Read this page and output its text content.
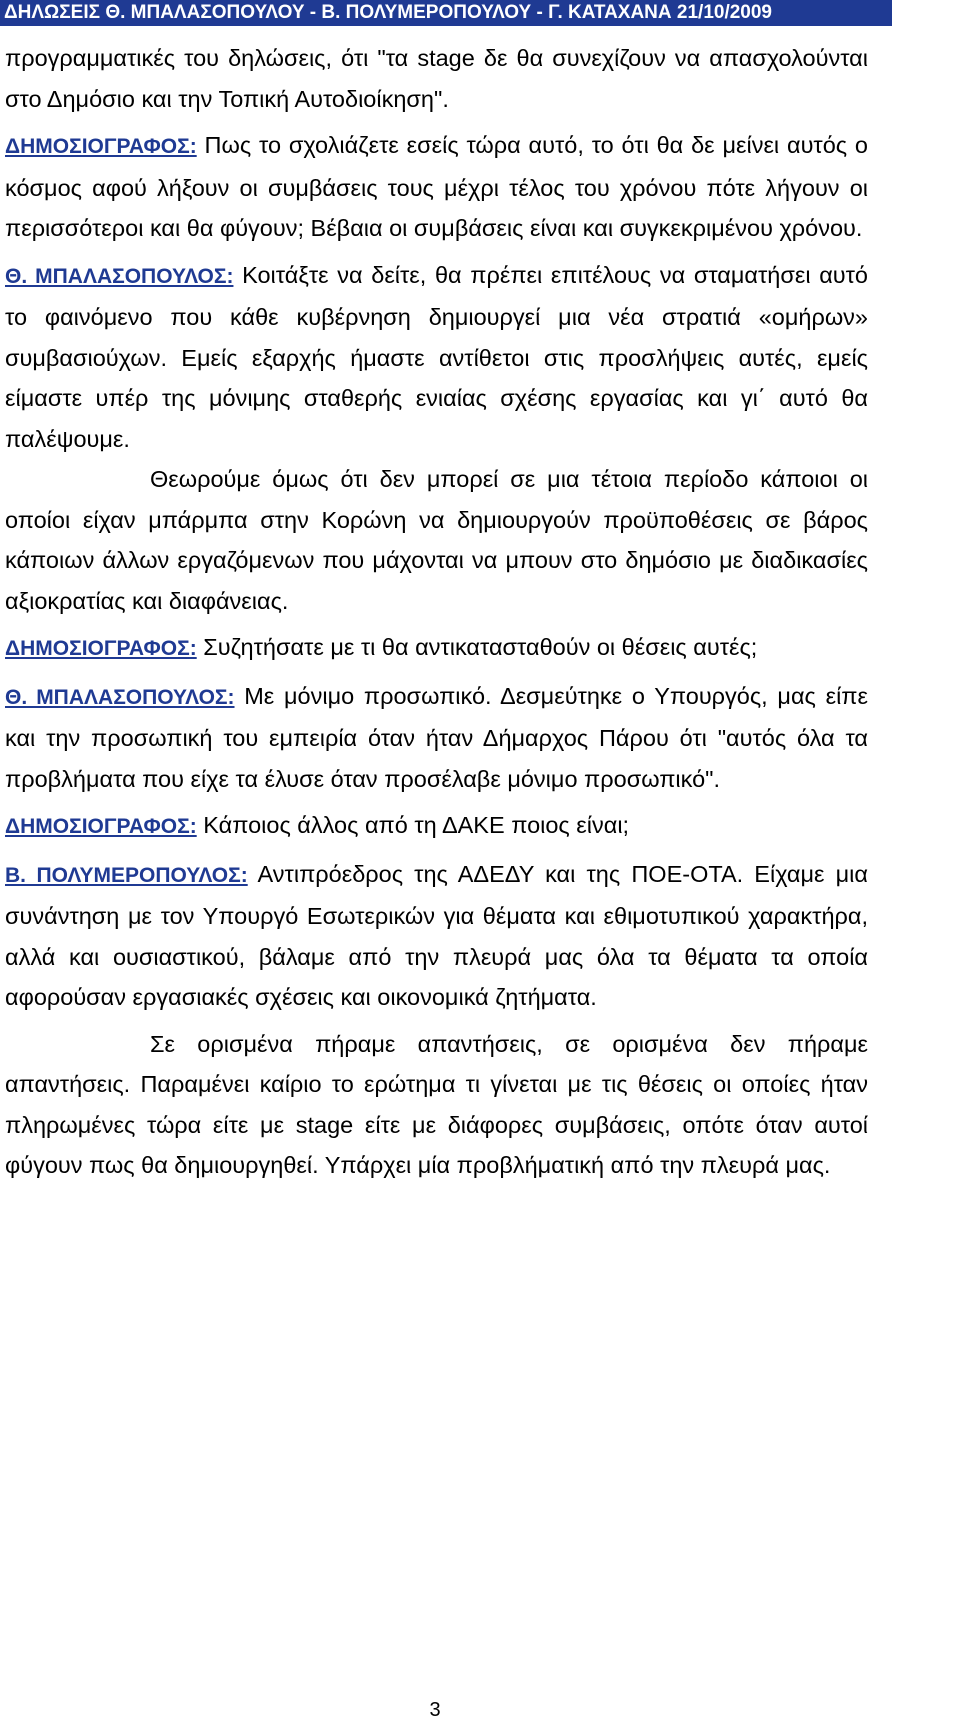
ΔΗΛΩΣΕΙΣ Θ. ΜΠΑΛΑΣΟΠΟΥΛΟΥ - Β. ΠΟΛΥΜΕΡΟΠΟΥΛΟΥ - Γ. ΚΑΤΑΧΑΝΑ 21/10/2009

προγραμματικές του δηλώσεις, ότι "τα stage δε θα συνεχίζουν να απασχολούνται στο Δημόσιο και την Τοπική Αυτοδιοίκηση".

ΔΗΜΟΣΙΟΓΡΑΦΟΣ: Πως το σχολιάζετε εσείς τώρα αυτό, το ότι θα δε μείνει αυτός ο κόσμος αφού λήξουν οι συμβάσεις τους μέχρι τέλος του χρόνου πότε λήγουν οι περισσότεροι και θα φύγουν; Βέβαια οι συμβάσεις είναι και συγκεκριμένου χρόνου.

Θ. ΜΠΑΛΑΣΟΠΟΥΛΟΣ: Κοιτάξτε να δείτε, θα πρέπει επιτέλους να σταματήσει αυτό το φαινόμενο που κάθε κυβέρνηση δημιουργεί μια νέα στρατιά «ομήρων» συμβασιούχων. Εμείς εξαρχής ήμαστε αντίθετοι στις προσλήψεις αυτές, εμείς είμαστε υπέρ της μόνιμης σταθερής ενιαίας σχέσης εργασίας και γι΄ αυτό θα παλέψουμε.

Θεωρούμε όμως ότι δεν μπορεί σε μια τέτοια περίοδο κάποιοι οι οποίοι είχαν μπάρμπα στην Κορώνη να δημιουργούν προϋποθέσεις σε βάρος κάποιων άλλων εργαζόμενων που μάχονται να μπουν στο δημόσιο με διαδικασίες αξιοκρατίας και διαφάνειας.

ΔΗΜΟΣΙΟΓΡΑΦΟΣ: Συζητήσατε με τι θα αντικατασταθούν οι θέσεις αυτές;

Θ. ΜΠΑΛΑΣΟΠΟΥΛΟΣ: Με μόνιμο προσωπικό. Δεσμεύτηκε ο Υπουργός, μας είπε και την προσωπική του εμπειρία όταν ήταν Δήμαρχος Πάρου ότι "αυτός όλα τα προβλήματα που είχε τα έλυσε όταν προσέλαβε μόνιμο προσωπικό".

ΔΗΜΟΣΙΟΓΡΑΦΟΣ: Κάποιος άλλος από τη ΔΑΚΕ ποιος είναι;

Β. ΠΟΛΥΜΕΡΟΠΟΥΛΟΣ: Αντιπρόεδρος της ΑΔΕΔΥ και της ΠΟΕ-ΟΤΑ. Είχαμε μια συνάντηση με τον Υπουργό Εσωτερικών για θέματα και εθιμοτυπικού χαρακτήρα, αλλά και ουσιαστικού, βάλαμε από την πλευρά μας όλα τα θέματα τα οποία αφορούσαν εργασιακές σχέσεις και οικονομικά ζητήματα.

Σε ορισμένα πήραμε απαντήσεις, σε ορισμένα δεν πήραμε απαντήσεις. Παραμένει καίριο το ερώτημα τι γίνεται με τις θέσεις οι οποίες ήταν πληρωμένες τώρα είτε με stage είτε με διάφορες συμβάσεις, οπότε όταν αυτοί φύγουν πως θα δημιουργηθεί. Υπάρχει μία προβλήματική από την πλευρά μας.

3
